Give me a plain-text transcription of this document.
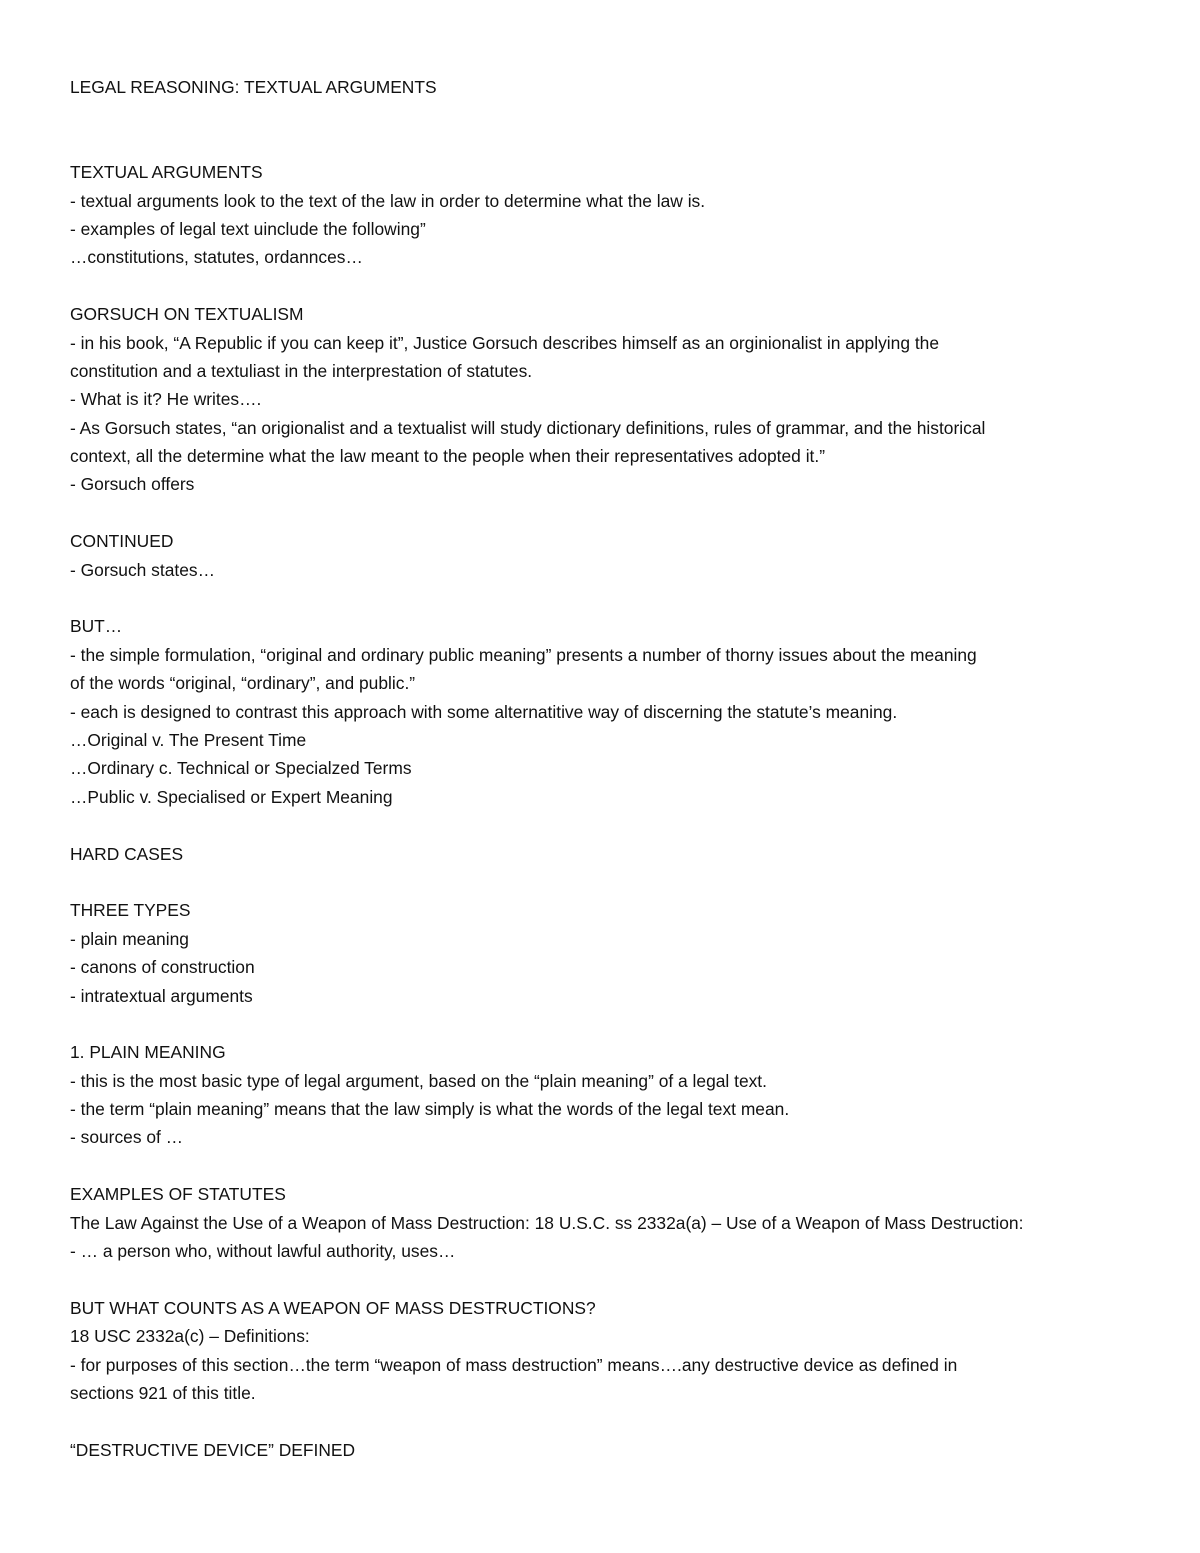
LEGAL REASONING: TEXTUAL ARGUMENTS
TEXTUAL ARGUMENTS
- textual arguments look to the text of the law in order to determine what the law is.
- examples of legal text uinclude the following”
…constitutions, statutes, ordannces…
GORSUCH ON TEXTUALISM
- in his book, “A Republic if you can keep it”, Justice Gorsuch describes himself as an orginionalist in applying the
constitution and a textuliast in the interprestation of statutes.
- What is it? He writes….
- As Gorsuch states, “an origionalist and a textualist will study dictionary definitions, rules of grammar, and the historical
context, all the determine what the law meant to the people when their representatives adopted it.”
- Gorsuch offers
CONTINUED
- Gorsuch states…
BUT…
- the simple formulation, “original and ordinary public meaning” presents a number of thorny issues about the meaning
of the words “original, “ordinary”, and public.”
- each is designed to contrast this approach with some alternatitive way of discerning the statute’s meaning.
…Original v. The Present Time
…Ordinary c. Technical or Specialzed Terms
…Public v. Specialised or Expert Meaning
HARD CASES
THREE TYPES
- plain meaning
- canons of construction
- intratextual arguments
1. PLAIN MEANING
- this is the most basic type of legal argument, based on the “plain meaning” of a legal text.
- the term “plain meaning” means that the law simply is what the words of the legal text mean.
- sources of …
EXAMPLES OF STATUTES
The Law Against the Use of a Weapon of Mass Destruction: 18 U.S.C. ss 2332a(a) – Use of a Weapon of Mass Destruction:
- … a person who, without lawful authority, uses…
BUT WHAT COUNTS AS A WEAPON OF MASS DESTRUCTIONS?
18 USC 2332a(c) – Definitions:
- for purposes of this section…the term “weapon of mass destruction” means….any destructive device as defined in
sections 921 of this title.
“DESTRUCTIVE DEVICE” DEFINED
